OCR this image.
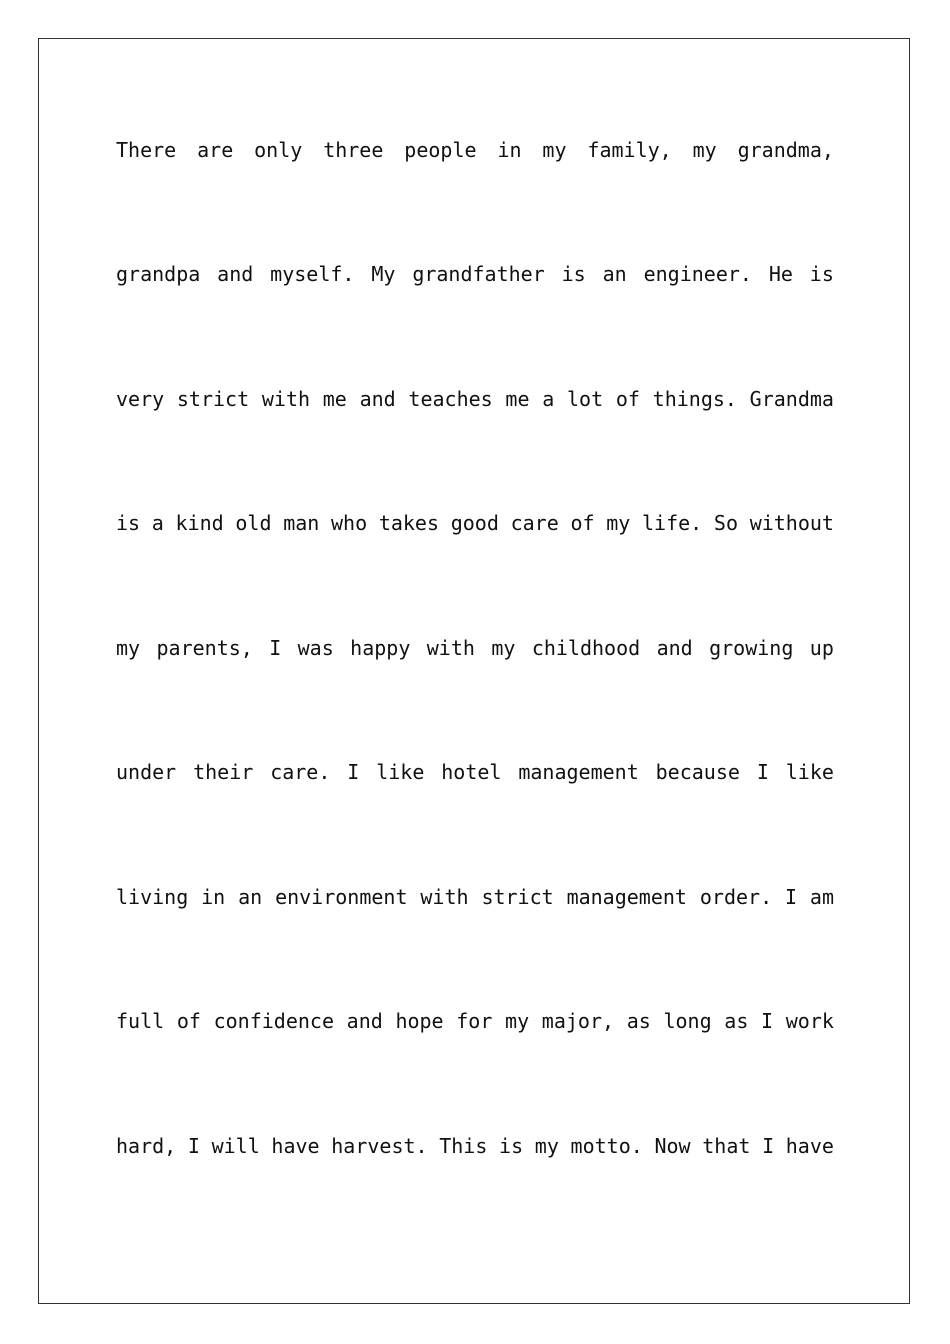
There are only three people in my family, my grandma,
grandpa and myself. My grandfather is an engineer. He is
very strict with me and teaches me a lot of things. Grandma
is a kind old man who takes good care of my life. So without
my parents, I was happy with my childhood and growing up
under their care. I like hotel management because I like
living in an environment with strict management order. I am
full of confidence and hope for my major, as long as I work
hard, I will have harvest. This is my motto. Now that I have
